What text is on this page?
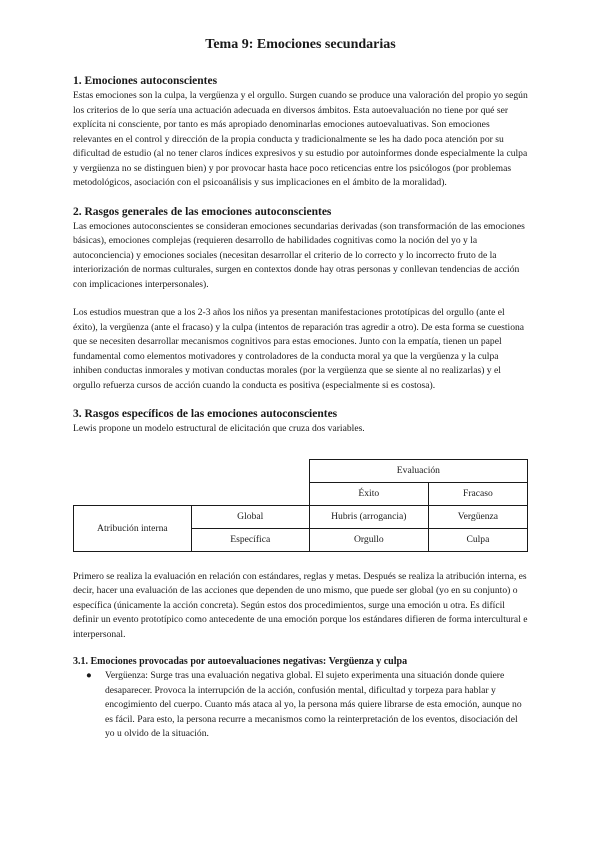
Tema 9: Emociones secundarias
1. Emociones autoconscientes

Estas emociones son la culpa, la vergüenza y el orgullo. Surgen cuando se produce una valoración del propio yo según los criterios de lo que sería una actuación adecuada en diversos ámbitos. Esta autoevaluación no tiene por qué ser explícita ni consciente, por tanto es más apropiado denominarlas emociones autoevaluativas. Son emociones relevantes en el control y dirección de la propia conducta y tradicionalmente se les ha dado poca atención por su dificultad de estudio (al no tener claros índices expresivos y su estudio por autoinformes donde especialmente la culpa y vergüenza no se distinguen bien) y por provocar hasta hace poco reticencias entre los psicólogos (por problemas metodológicos, asociación con el psicoanálisis y sus implicaciones en el ámbito de la moralidad).

2. Rasgos generales de las emociones autoconscientes

Las emociones autoconscientes se consideran emociones secundarias derivadas (son transformación de las emociones básicas), emociones complejas (requieren desarrollo de habilidades cognitivas como la noción del yo y la autoconciencia) y emociones sociales (necesitan desarrollar el criterio de lo correcto y lo incorrecto fruto de la interiorización de normas culturales, surgen en contextos donde hay otras personas y conllevan tendencias de acción con implicaciones interpersonales).

Los estudios muestran que a los 2-3 años los niños ya presentan manifestaciones prototípicas del orgullo (ante el éxito), la vergüenza (ante el fracaso) y la culpa (intentos de reparación tras agredir a otro). De esta forma se cuestiona que se necesiten desarrollar mecanismos cognitivos para estas emociones. Junto con la empatía, tienen un papel fundamental como elementos motivadores y controladores de la conducta moral ya que la vergüenza y la culpa inhiben conductas inmorales y motivan conductas morales (por la vergüenza que se siente al no realizarlas) y el orgullo refuerza cursos de acción cuando la conducta es positiva (especialmente si es costosa).

3. Rasgos específicos de las emociones autoconscientes

Lewis propone un modelo estructural de elicitación que cruza dos variables.

		Evaluación	
		Éxito	Fracaso
Atribución interna	Global	Hubris (arrogancia)	Vergüenza
	Específica	Orgullo	Culpa

Primero se realiza la evaluación en relación con estándares, reglas y metas. Después se realiza la atribución interna, es decir, hacer una evaluación de las acciones que dependen de uno mismo, que puede ser global (yo en su conjunto) o específica (únicamente la acción concreta). Según estos dos procedimientos, surge una emoción u otra. Es difícil definir un evento prototípico como antecedente de una emoción porque los estándares difieren de forma intercultural e interpersonal.

3.1. Emociones provocadas por autoevaluaciones negativas: Vergüenza y culpa
● Vergüenza: Surge tras una evaluación negativa global. El sujeto experimenta una situación donde quiere desaparecer. Provoca la interrupción de la acción, confusión mental, dificultad y torpeza para hablar y encogimiento del cuerpo. Cuanto más ataca al yo, la persona más quiere librarse de esta emoción, aunque no es fácil. Para esto, la persona recurre a mecanismos como la reinterpretación de los eventos, disociación del yo u olvido de la situación.
